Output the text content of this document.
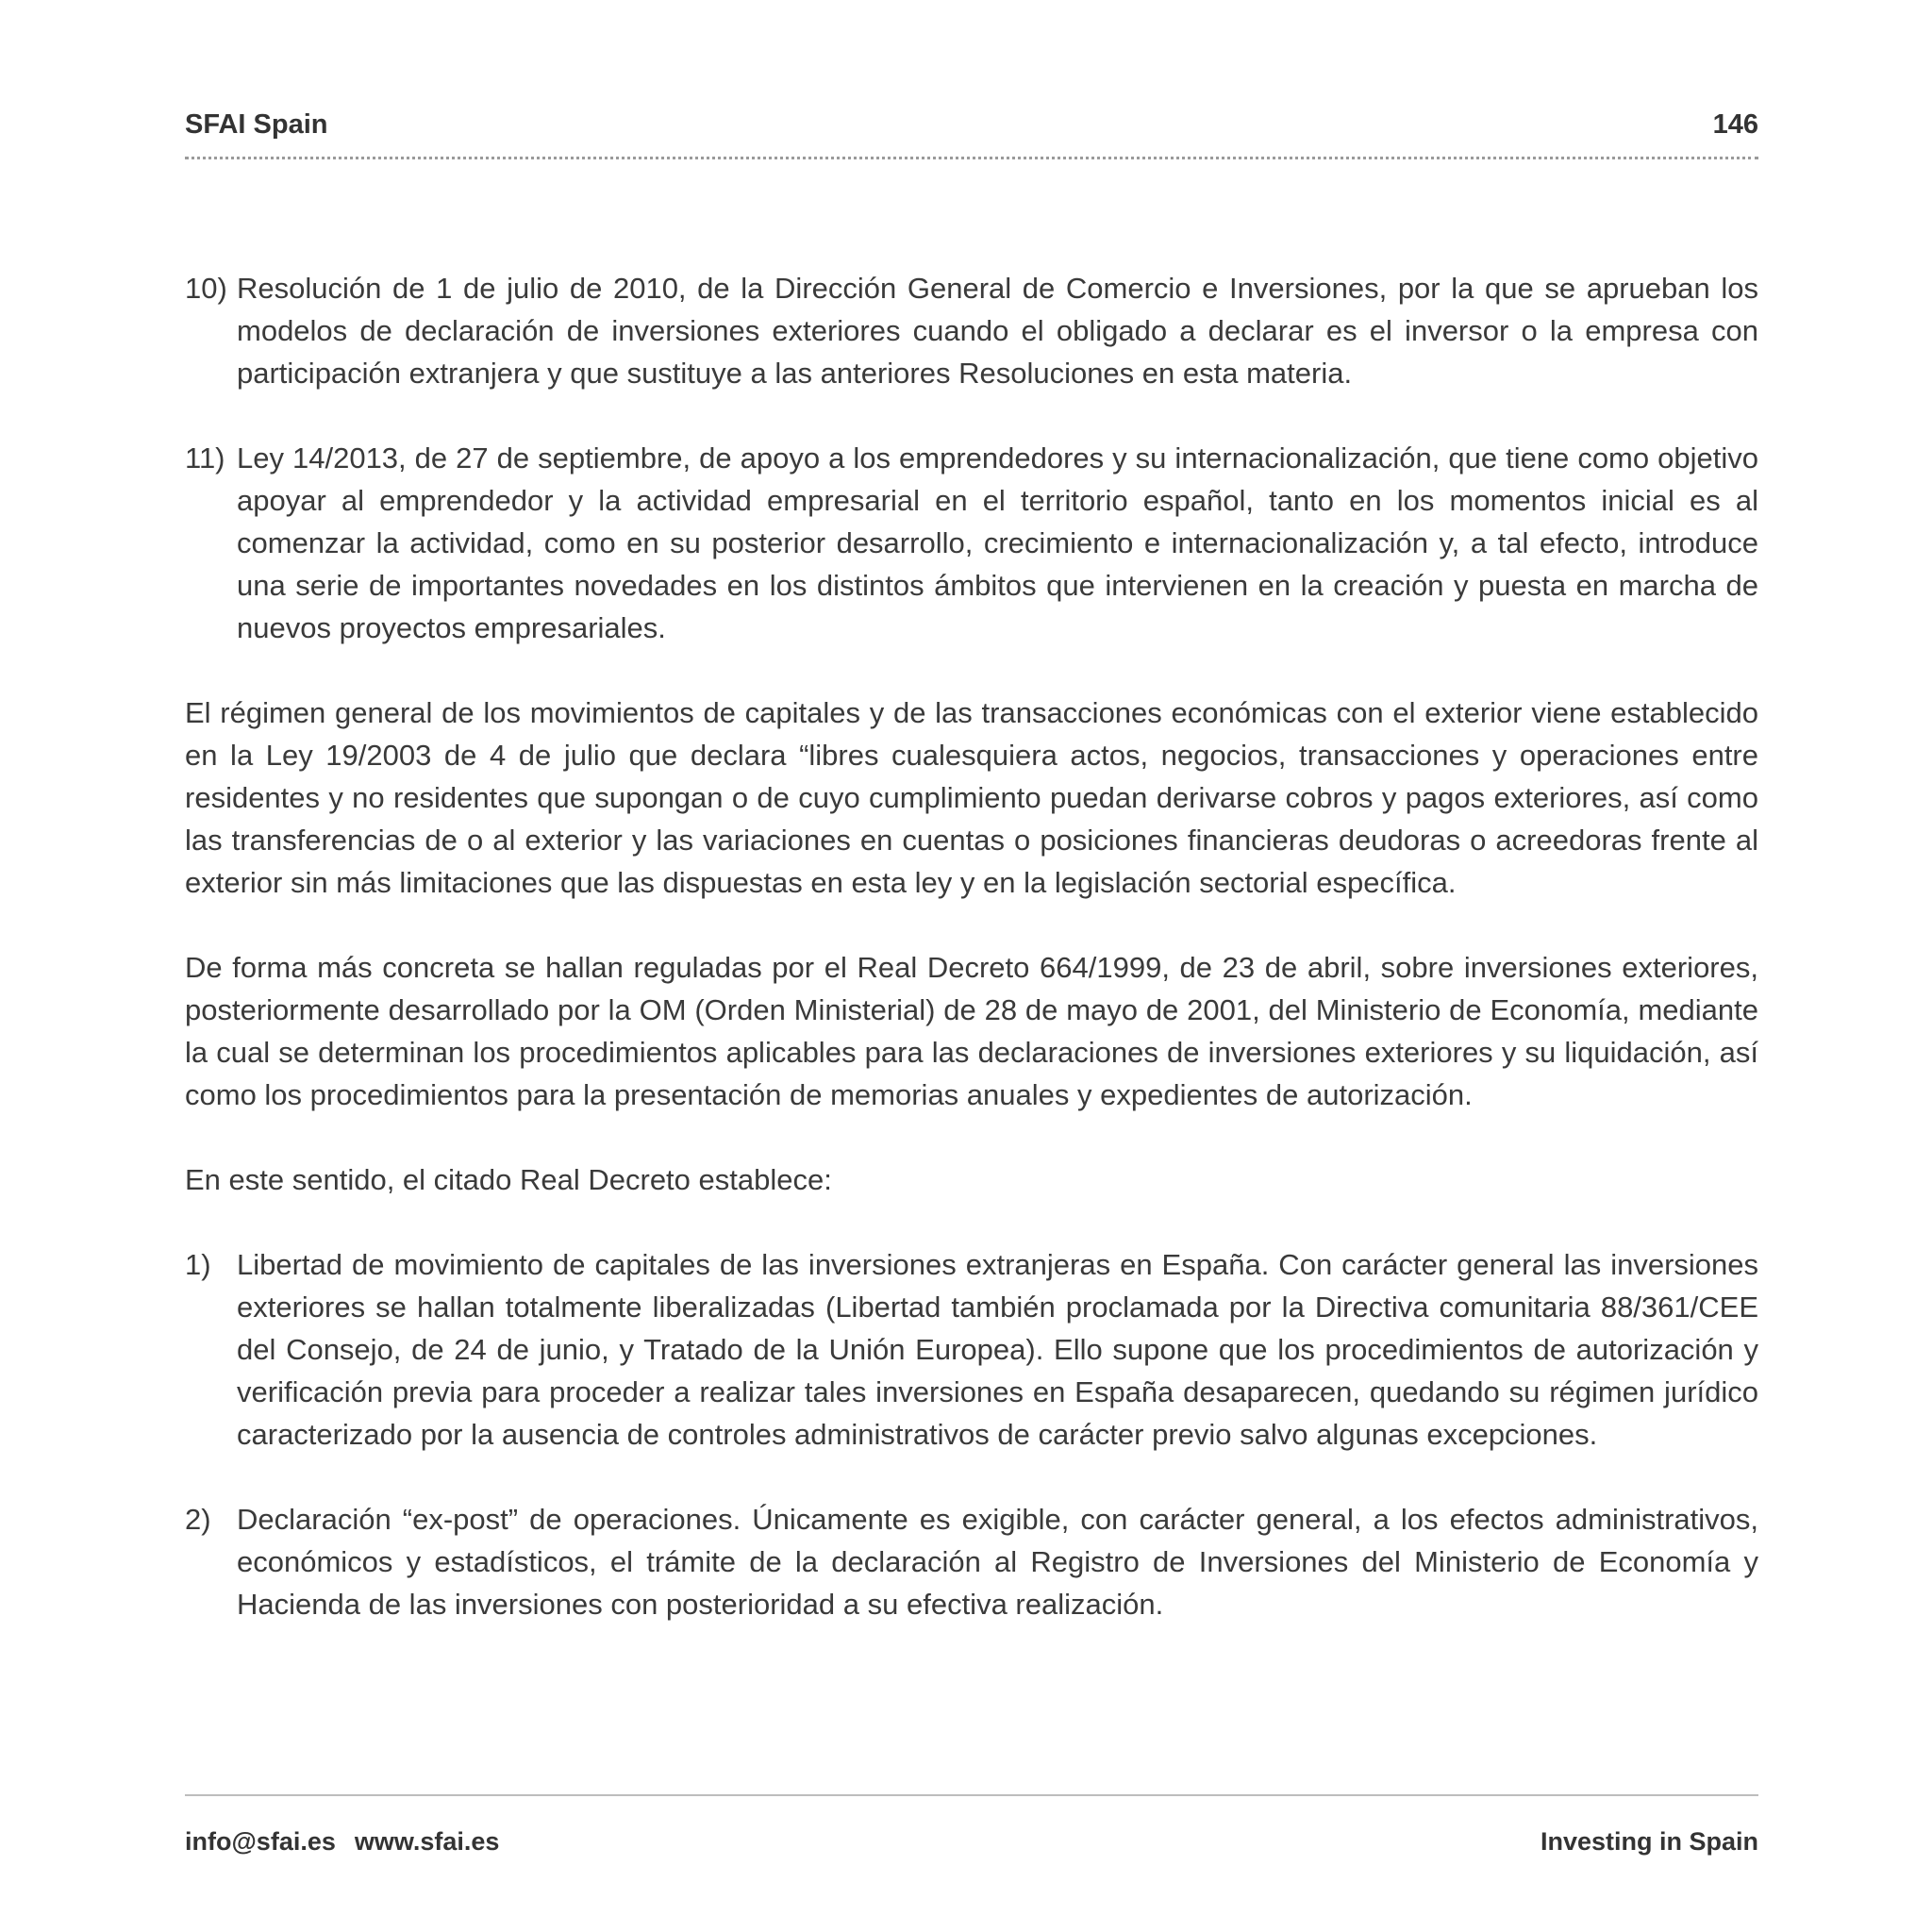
SFAI Spain	146
10) Resolución de 1 de julio de 2010, de la Dirección General de Comercio e Inversiones, por la que se aprueban los modelos de declaración de inversiones exteriores cuando el obligado a declarar es el inversor o la empresa con participación extranjera y que sustituye a las anteriores Resoluciones en esta materia.
11) Ley 14/2013, de 27 de septiembre, de apoyo a los emprendedores y su internacionalización, que tiene como objetivo apoyar al emprendedor y la actividad empresarial en el territorio español, tanto en los momentos inicial es al comenzar la actividad, como en su posterior desarrollo, crecimiento e internacionalización y, a tal efecto, introduce una serie de importantes novedades en los distintos ámbitos que intervienen en la creación y puesta en marcha de nuevos proyectos empresariales.

El régimen general de los movimientos de capitales y de las transacciones económicas con el exterior viene establecido en la Ley 19/2003 de 4 de julio que declara “libres cualesquiera actos, negocios, transacciones y operaciones entre residentes y no residentes que supongan o de cuyo cumplimiento puedan derivarse cobros y pagos exteriores, así como las transferencias de o al exterior y las variaciones en cuentas o posiciones financieras deudoras o acreedoras frente al exterior sin más limitaciones que las dispuestas en esta ley y en la legislación sectorial específica.

De forma más concreta se hallan reguladas por el Real Decreto 664/1999, de 23 de abril, sobre inversiones exteriores, posteriormente desarrollado por la OM (Orden Ministerial) de 28 de mayo de 2001, del Ministerio de Economía, mediante la cual se determinan los procedimientos aplicables para las declaraciones de inversiones exteriores y su liquidación, así como los procedimientos para la presentación de memorias anuales y expedientes de autorización.

En este sentido, el citado Real Decreto establece:

1) Libertad de movimiento de capitales de las inversiones extranjeras en España. Con carácter general las inversiones exteriores se hallan totalmente liberalizadas (Libertad también proclamada por la Directiva comunitaria 88/361/CEE del Consejo, de 24 de junio, y Tratado de la Unión Europea). Ello supone que los procedimientos de autorización y verificación previa para proceder a realizar tales inversiones en España desaparecen, quedando su régimen jurídico caracterizado por la ausencia de controles administrativos de carácter previo salvo algunas excepciones.
2) Declaración “ex-post” de operaciones. Únicamente es exigible, con carácter general, a los efectos administrativos, económicos y estadísticos, el trámite de la declaración al Registro de Inversiones del Ministerio de Economía y Hacienda de las inversiones con posterioridad a su efectiva realización.
info@sfai.es www.sfai.es	Investing in Spain
